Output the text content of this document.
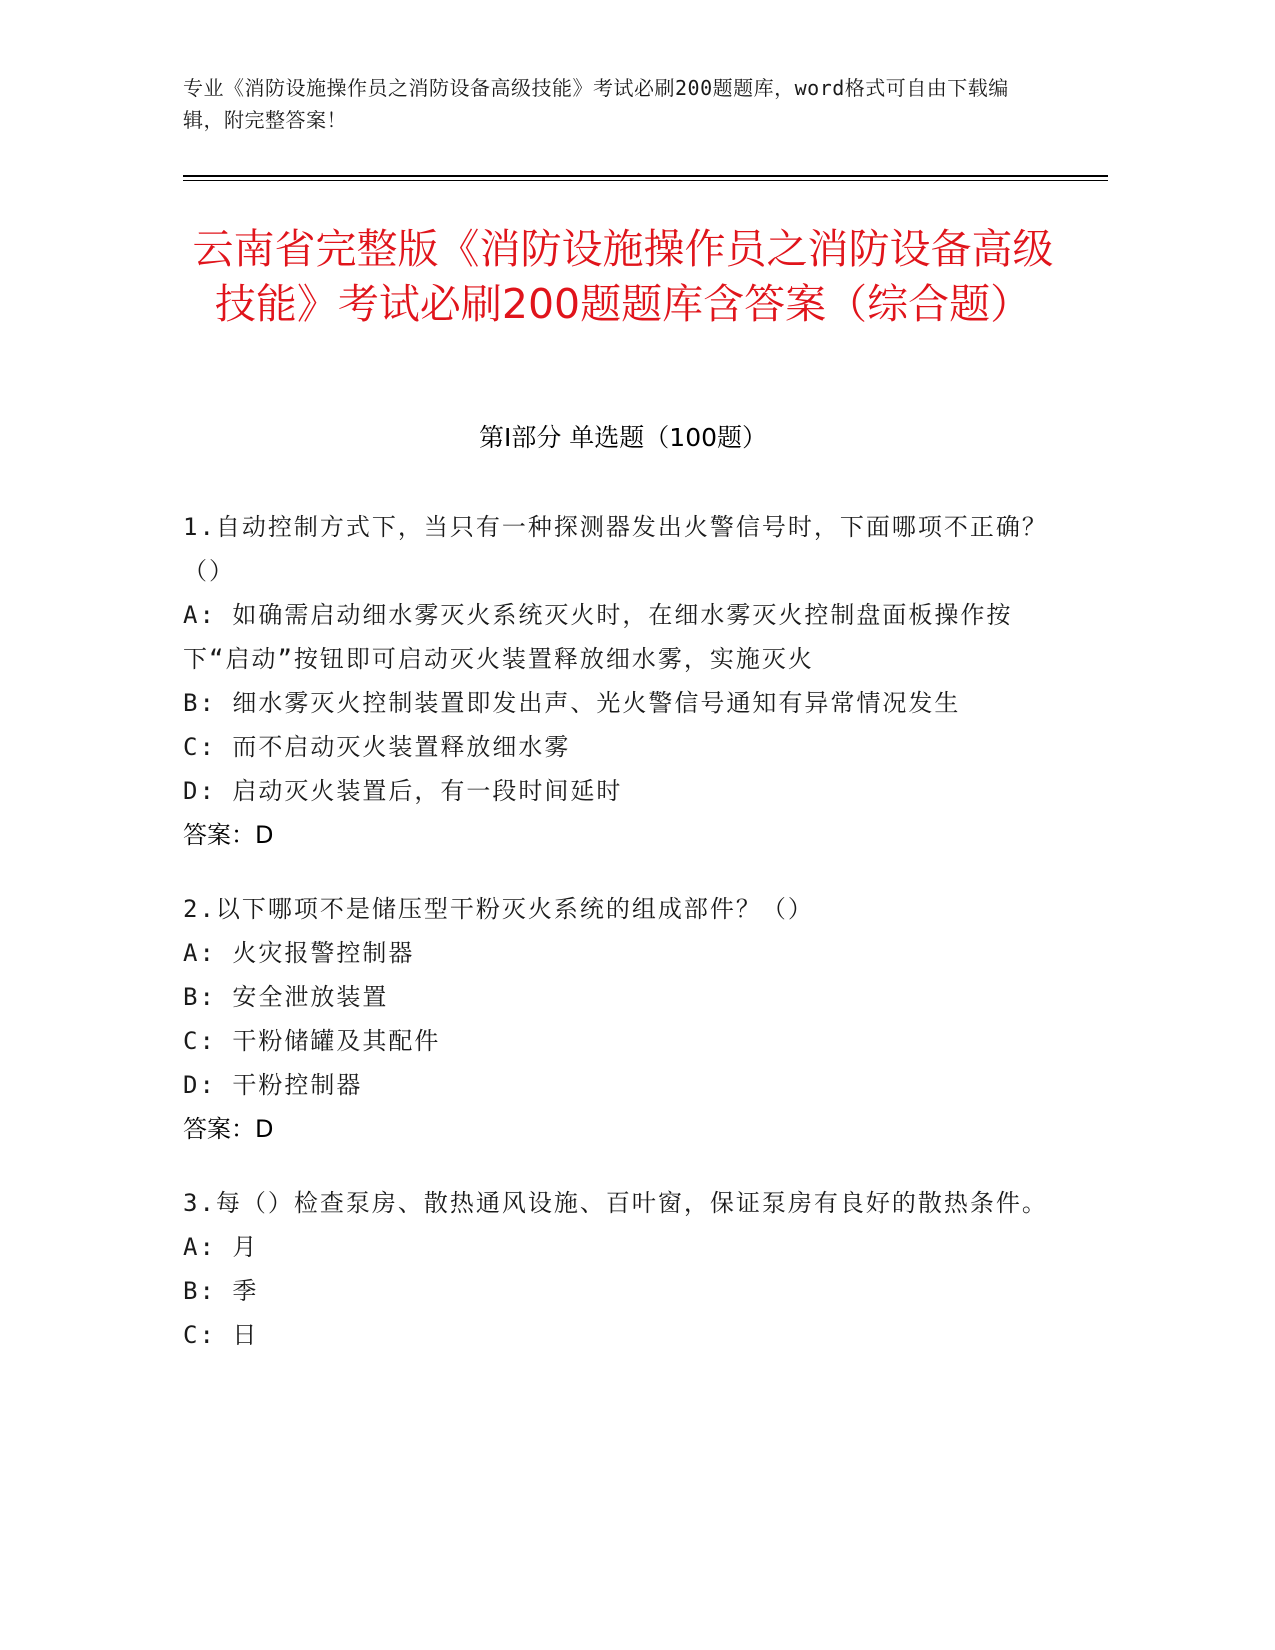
专业《消防设施操作员之消防设备高级技能》考试必刷200题题库，word格式可自由下载编辑，附完整答案！
云南省完整版《消防设施操作员之消防设备高级技能》考试必刷200题题库含答案（综合题）
第Ⅰ部分 单选题（100题）
1.自动控制方式下，当只有一种探测器发出火警信号时，下面哪项不正确？（）
A: 如确需启动细水雾灭火系统灭火时，在细水雾灭火控制盘面板操作按下“启动”按钮即可启动灭火装置释放细水雾，实施灭火
B: 细水雾灭火控制装置即发出声、光火警信号通知有异常情况发生
C: 而不启动灭火装置释放细水雾
D: 启动灭火装置后，有一段时间延时
答案：D
2.以下哪项不是储压型干粉灭火系统的组成部件？（）
A: 火灾报警控制器
B: 安全泄放装置
C: 干粉储罐及其配件
D: 干粉控制器
答案：D
3.每（）检查泵房、散热通风设施、百叶窗，保证泵房有良好的散热条件。
A: 月
B: 季
C: 日
